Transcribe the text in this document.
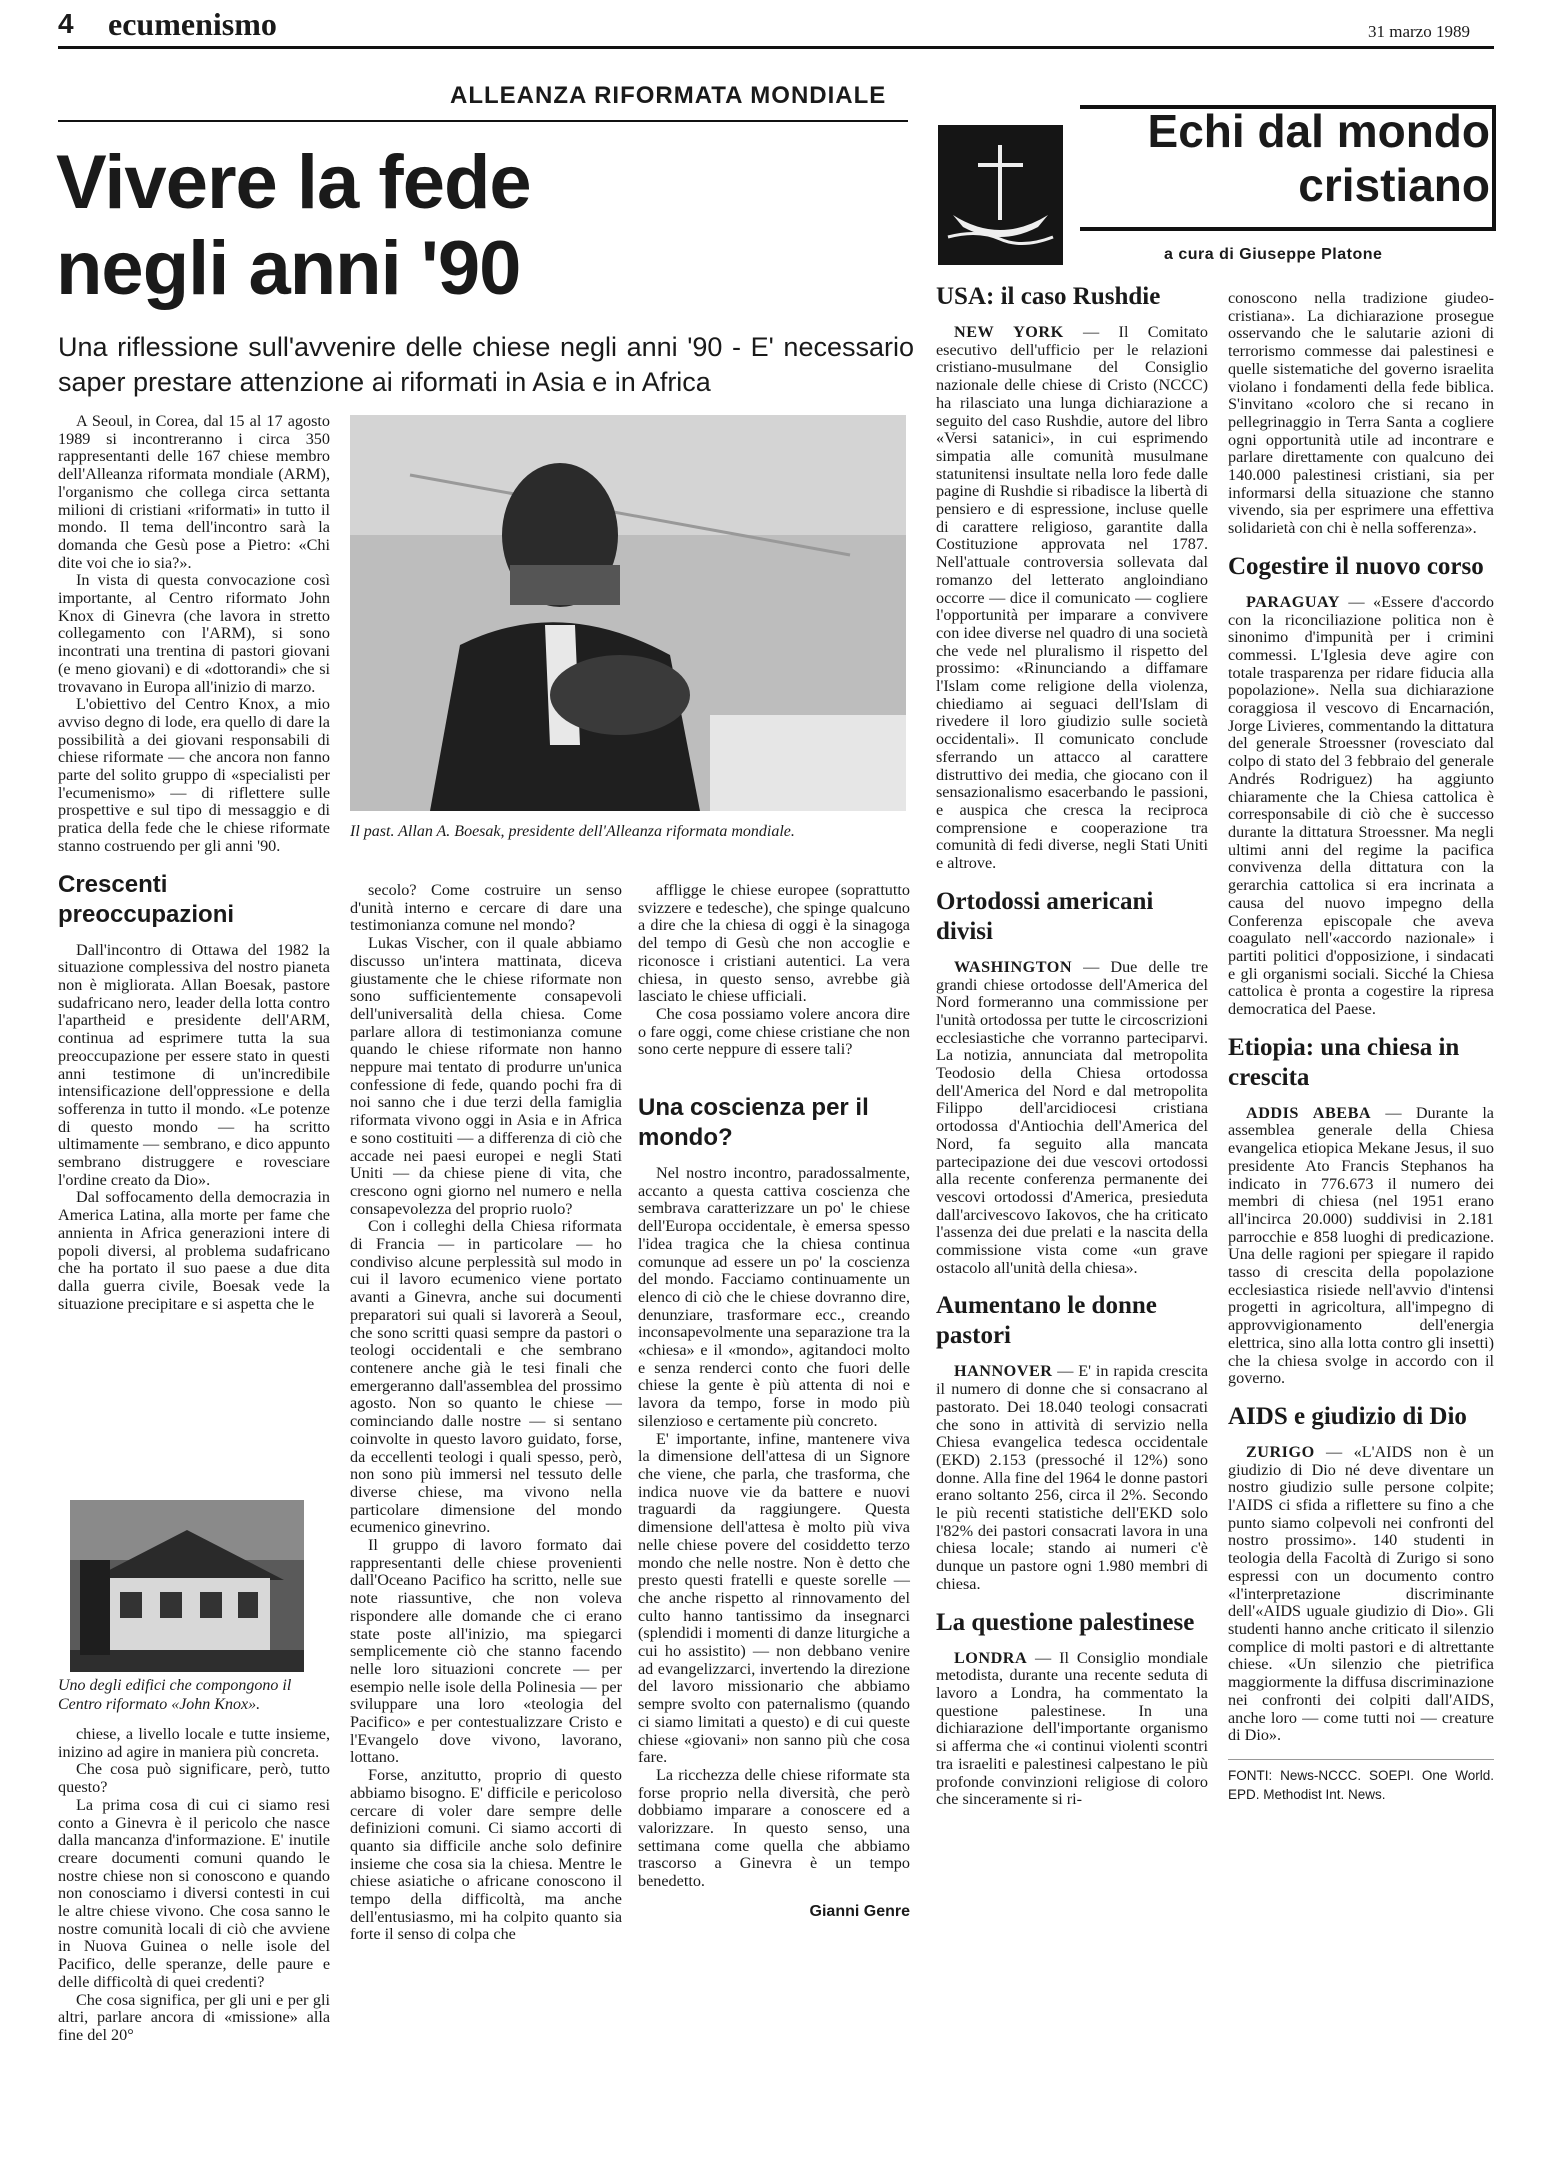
4 ecumenismo	31 marzo 1989
ALLEANZA RIFORMATA MONDIALE
Vivere la fede
negli anni '90
Una riflessione sull'avvenire delle chiese negli anni '90 - E' necessario saper prestare attenzione ai riformati in Asia e in Africa

A Seoul, in Corea, dal 15 al 17 agosto 1989 si incontreranno i circa 350 rappresentanti delle 167 chiese membro dell'Alleanza riformata mondiale (ARM), l'organismo che collega circa settanta milioni di cristiani «riformati» in tutto il mondo. Il tema dell'incontro sarà la domanda che Gesù pose a Pietro: «Chi dite voi che io sia?».

In vista di questa convocazione così importante, al Centro riformato John Knox di Ginevra (che lavora in stretto collegamento con l'ARM), si sono incontrati una trentina di pastori giovani (e meno giovani) e di «dottorandi» che si trovavano in Europa all'inizio di marzo.

L'obiettivo del Centro Knox, a mio avviso degno di lode, era quello di dare la possibilità a dei giovani responsabili di chiese riformate — che ancora non fanno parte del solito gruppo di «specialisti per l'ecumenismo» — di riflettere sulle prospettive e sul tipo di messaggio e di pratica della fede che le chiese riformate stanno costruendo per gli anni '90.

Crescenti preoccupazioni

Dall'incontro di Ottawa del 1982 la situazione complessiva del nostro pianeta non è migliorata. Allan Boesak, pastore sudafricano nero, leader della lotta contro l'apartheid e presidente dell'ARM, continua ad esprimere tutta la sua preoccupazione per essere stato in questi anni testimone di un'incredibile intensificazione dell'oppressione e della sofferenza in tutto il mondo. «Le potenze di questo mondo — ha scritto ultimamente — sembrano, e dico appunto sembrano distruggere e rovesciare l'ordine creato da Dio».

Dal soffocamento della democrazia in America Latina, alla morte per fame che annienta in Africa generazioni intere di popoli diversi, al problema sudafricano che ha portato il suo paese a due dita dalla guerra civile, Boesak vede la situazione precipitare e si aspetta che le

Uno degli edifici che compongono il Centro riformato «John Knox».

chiese, a livello locale e tutte insieme, inizino ad agire in maniera più concreta.

Che cosa può significare, però, tutto questo?

La prima cosa di cui ci siamo resi conto a Ginevra è il pericolo che nasce dalla mancanza d'informazione. E' inutile creare documenti comuni quando le nostre chiese non si conoscono e quando non conosciamo i diversi contesti in cui le altre chiese vivono. Che cosa sanno le nostre comunità locali di ciò che avviene in Nuova Guinea o nelle isole del Pacifico, delle speranze, delle paure e delle difficoltà di quei credenti?

Che cosa significa, per gli uni e per gli altri, parlare ancora di «missione» alla fine del 20°

Il past. Allan A. Boesak, presidente dell'Alleanza riformata mondiale.

secolo? Come costruire un senso d'unità interno e cercare di dare una testimonianza comune nel mondo?

Lukas Vischer, con il quale abbiamo discusso un'intera mattinata, diceva giustamente che le chiese riformate non sono sufficientemente consapevoli dell'universalità della chiesa. Come parlare allora di testimonianza comune quando le chiese riformate non hanno neppure mai tentato di produrre un'unica confessione di fede, quando pochi fra di noi sanno che i due terzi della famiglia riformata vivono oggi in Asia e in Africa e sono costituiti — a differenza di ciò che accade nei paesi europei e negli Stati Uniti — da chiese piene di vita, che crescono ogni giorno nel numero e nella consapevolezza del proprio ruolo?

Con i colleghi della Chiesa riformata di Francia — in particolare — ho condiviso alcune perplessità sul modo in cui il lavoro ecumenico viene portato avanti a Ginevra, anche sui documenti preparatori sui quali si lavorerà a Seoul, che sono scritti quasi sempre da pastori o teologi occidentali e che sembrano contenere anche già le tesi finali che emergeranno dall'assemblea del prossimo agosto. Non so quanto le chiese — cominciando dalle nostre — si sentano coinvolte in questo lavoro guidato, forse, da eccellenti teologi i quali spesso, però, non sono più immersi nel tessuto delle diverse chiese, ma vivono nella particolare dimensione del mondo ecumenico ginevrino.

Il gruppo di lavoro formato dai rappresentanti delle chiese provenienti dall'Oceano Pacifico ha scritto, nelle sue note riassuntive, che non voleva rispondere alle domande che ci erano state poste all'inizio, ma spiegarci semplicemente ciò che stanno facendo nelle loro situazioni concrete — per esempio nelle isole della Polinesia — per sviluppare una loro «teologia del Pacifico» e per contestualizzare Cristo e l'Evangelo dove vivono, lavorano, lottano.

Forse, anzitutto, proprio di questo abbiamo bisogno. E' difficile e pericoloso cercare di voler dare sempre delle definizioni comuni. Ci siamo accorti di quanto sia difficile anche solo definire insieme che cosa sia la chiesa. Mentre le chiese asiatiche o africane conoscono il tempo della difficoltà, ma anche dell'entusiasmo, mi ha colpito quanto sia forte il senso di colpa che

affligge le chiese europee (soprattutto svizzere e tedesche), che spinge qualcuno a dire che la chiesa di oggi è la sinagoga del tempo di Gesù che non accoglie e riconosce i cristiani autentici. La vera chiesa, in questo senso, avrebbe già lasciato le chiese ufficiali.

Che cosa possiamo volere ancora dire o fare oggi, come chiese cristiane che non sono certe neppure di essere tali?

Una coscienza per il mondo?

Nel nostro incontro, paradossalmente, accanto a questa cattiva coscienza che sembrava caratterizzare un po' le chiese dell'Europa occidentale, è emersa spesso l'idea tragica che la chiesa continua comunque ad essere un po' la coscienza del mondo. Facciamo continuamente un elenco di ciò che le chiese dovranno dire, denunziare, trasformare ecc., creando inconsapevolmente una separazione tra la «chiesa» e il «mondo», agitandoci molto e senza renderci conto che fuori delle chiese la gente è più attenta di noi e lavora da tempo, forse in modo più silenzioso e certamente più concreto.

E' importante, infine, mantenere viva la dimensione dell'attesa di un Signore che viene, che parla, che trasforma, che indica nuove vie da battere e nuovi traguardi da raggiungere. Questa dimensione dell'attesa è molto più viva nelle chiese povere del cosiddetto terzo mondo che nelle nostre. Non è detto che presto questi fratelli e queste sorelle — che anche rispetto al rinnovamento del culto hanno tantissimo da insegnarci (splendidi i momenti di danze liturgiche a cui ho assistito) — non debbano venire ad evangelizzarci, invertendo la direzione del lavoro missionario che abbiamo sempre svolto con paternalismo (quando ci siamo limitati a questo) e di cui queste chiese «giovani» non sanno più che cosa fare.

La ricchezza delle chiese riformate sta forse proprio nella diversità, che però dobbiamo imparare a conoscere ed a valorizzare. In questo senso, una settimana come quella che abbiamo trascorso a Ginevra è un tempo benedetto.

Gianni Genre
Echi dal mondo
cristiano
a cura di Giuseppe Platone
USA: il caso Rushdie

NEW YORK — Il Comitato esecutivo dell'ufficio per le relazioni cristiano-musulmane del Consiglio nazionale delle chiese di Cristo (NCCC) ha rilasciato una lunga dichiarazione a seguito del caso Rushdie, autore del libro «Versi satanici», in cui esprimendo simpatia alle comunità musulmane statunitensi insultate nella loro fede dalle pagine di Rushdie si ribadisce la libertà di pensiero e di espressione, incluse quelle di carattere religioso, garantite dalla Costituzione approvata nel 1787. Nell'attuale controversia sollevata dal romanzo del letterato angloindiano occorre — dice il comunicato — cogliere l'opportunità per imparare a convivere con idee diverse nel quadro di una società che vede nel pluralismo il rispetto del prossimo: «Rinunciando a diffamare l'Islam come religione della violenza, chiediamo ai seguaci dell'Islam di rivedere il loro giudizio sulle società occidentali». Il comunicato conclude sferrando un attacco al carattere distruttivo dei media, che giocano con il sensazionalismo esacerbando le passioni, e auspica che cresca la reciproca comprensione e cooperazione tra comunità di fedi diverse, negli Stati Uniti e altrove.

Ortodossi americani divisi

WASHINGTON — Due delle tre grandi chiese ortodosse dell'America del Nord formeranno una commissione per l'unità ortodossa per tutte le circoscrizioni ecclesiastiche che vorranno parteciparvi. La notizia, annunciata dal metropolita Teodosio della Chiesa ortodossa dell'America del Nord e dal metropolita Filippo dell'arcidiocesi cristiana ortodossa d'Antiochia dell'America del Nord, fa seguito alla mancata partecipazione dei due vescovi ortodossi alla recente conferenza permanente dei vescovi ortodossi d'America, presieduta dall'arcivescovo Iakovos, che ha criticato l'assenza dei due prelati e la nascita della commissione vista come «un grave ostacolo all'unità della chiesa».

Aumentano le donne pastori

HANNOVER — E' in rapida crescita il numero di donne che si consacrano al pastorato. Dei 18.040 teologi consacrati che sono in attività di servizio nella Chiesa evangelica tedesca occidentale (EKD) 2.153 (pressoché il 12%) sono donne. Alla fine del 1964 le donne pastori erano soltanto 256, circa il 2%. Secondo le più recenti statistiche dell'EKD solo l'82% dei pastori consacrati lavora in una chiesa locale; stando ai numeri c'è dunque un pastore ogni 1.980 membri di chiesa.

La questione palestinese

LONDRA — Il Consiglio mondiale metodista, durante una recente seduta di lavoro a Londra, ha commentato la questione palestinese. In una dichiarazione dell'importante organismo si afferma che «i continui violenti scontri tra israeliti e palestinesi calpestano le più profonde convinzioni religiose di coloro che sinceramente si ri-

conoscono nella tradizione giudeo-cristiana». La dichiarazione prosegue osservando che le salutarie azioni di terrorismo commesse dai palestinesi e quelle sistematiche del governo israelita violano i fondamenti della fede biblica. S'invitano «coloro che si recano in pellegrinaggio in Terra Santa a cogliere ogni opportunità utile ad incontrare e parlare direttamente con qualcuno dei 140.000 palestinesi cristiani, sia per informarsi della situazione che stanno vivendo, sia per esprimere una effettiva solidarietà con chi è nella sofferenza».

Cogestire il nuovo corso

PARAGUAY — «Essere d'accordo con la riconciliazione politica non è sinonimo d'impunità per i crimini commessi. L'Iglesia deve agire con totale trasparenza per ridare fiducia alla popolazione». Nella sua dichiarazione coraggiosa il vescovo di Encarnación, Jorge Livieres, commentando la dittatura del generale Stroessner (rovesciato dal colpo di stato del 3 febbraio del generale Andrés Rodriguez) ha aggiunto chiaramente che la Chiesa cattolica è corresponsabile di ciò che è successo durante la dittatura Stroessner. Ma negli ultimi anni del regime la pacifica convivenza della dittatura con la gerarchia cattolica si era incrinata a causa del nuovo impegno della Conferenza episcopale che aveva coagulato nell'«accordo nazionale» i partiti politici d'opposizione, i sindacati e gli organismi sociali. Sicché la Chiesa cattolica è pronta a cogestire la ripresa democratica del Paese.

Etiopia: una chiesa in crescita

ADDIS ABEBA — Durante la assemblea generale della Chiesa evangelica etiopica Mekane Jesus, il suo presidente Ato Francis Stephanos ha indicato in 776.673 il numero dei membri di chiesa (nel 1951 erano all'incirca 20.000) suddivisi in 2.181 parrocchie e 858 luoghi di predicazione. Una delle ragioni per spiegare il rapido tasso di crescita della popolazione ecclesiastica risiede nell'avvio d'intensi progetti in agricoltura, all'impegno di approvvigionamento dell'energia elettrica, sino alla lotta contro gli insetti) che la chiesa svolge in accordo con il governo.

AIDS e giudizio di Dio

ZURIGO — «L'AIDS non è un giudizio di Dio né deve diventare un nostro giudizio sulle persone colpite; l'AIDS ci sfida a riflettere su fino a che punto siamo colpevoli nei confronti del nostro prossimo». 140 studenti in teologia della Facoltà di Zurigo si sono espressi con un documento contro «l'interpretazione discriminante dell'«AIDS uguale giudizio di Dio». Gli studenti hanno anche criticato il silenzio complice di molti pastori e di altrettante chiese. «Un silenzio che pietrifica maggiormente la diffusa discriminazione nei confronti dei colpiti dall'AIDS, anche loro — come tutti noi — creature di Dio».

FONTI: News-NCCC. SOEPI. One World. EPD. Methodist Int. News.
